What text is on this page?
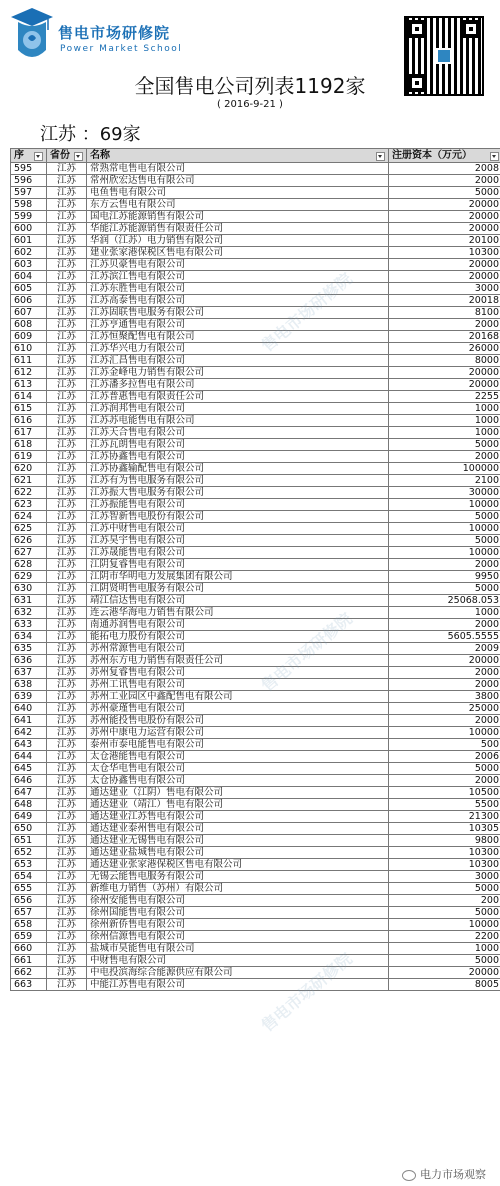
售电市场研修院
Power Market School
全国售电公司列表1192家
( 2016-9-21 )
江苏 ：69家
序	省份	名称	注册资本（万元）

595	江苏	常熟常电售电有限公司	2008
596	江苏	常州欣宏达售电有限公司	2000
597	江苏	电鱼售电有限公司	5000
598	江苏	东方云售电有限公司	20000
599	江苏	国电江苏能源销售有限公司	20000
600	江苏	华能江苏能源销售有限责任公司	20000
601	江苏	华润（江苏）电力销售有限公司	20100
602	江苏	建业张家港保税区售电有限公司	10300
603	江苏	江苏贝豪售电有限公司	20000
604	江苏	江苏滨江售电有限公司	20000
605	江苏	江苏东胜售电有限公司	3000
606	江苏	江苏高泰售电有限公司	20018
607	江苏	江苏固联售电服务有限公司	8100
608	江苏	江苏亨通售电有限公司	2000
609	江苏	江苏恒聚配售电有限公司	20168
610	江苏	江苏华兴电力有限公司	26000
611	江苏	江苏汇昌售电有限公司	8000
612	江苏	江苏金峰电力销售有限公司	20000
613	江苏	江苏潘多拉售电有限公司	20000
614	江苏	江苏普惠售电有限责任公司	2255
615	江苏	江苏润邦售电有限公司	1000
616	江苏	江苏苏电能售电有限公司	1000
617	江苏	江苏天合售电有限公司	1000
618	江苏	江苏瓦朗售电有限公司	5000
619	江苏	江苏协鑫售电有限公司	2000
620	江苏	江苏协鑫输配售电有限公司	100000
621	江苏	江苏有为售电服务有限公司	2100
622	江苏	江苏振大售电服务有限公司	30000
623	江苏	江苏振能售电有限公司	10000
624	江苏	江苏智新售电股份有限公司	5000
625	江苏	江苏中财售电有限公司	10000
626	江苏	江苏昊宇售电有限公司	5000
627	江苏	江苏晟能售电有限公司	10000
628	江苏	江阴复睿售电有限公司	2000
629	江苏	江阴市华明电力发展集团有限公司	9950
630	江苏	江阴贤明售电服务有限公司	5000
631	江苏	靖江信达售电有限公司	25068.053
632	江苏	连云港华海电力销售有限公司	1000
633	江苏	南通苏润售电有限公司	2000
634	江苏	能拓电力股份有限公司	5605.5555
635	江苏	苏州常源售电有限公司	2009
636	江苏	苏州东方电力销售有限责任公司	20000
637	江苏	苏州复睿售电有限公司	2000
638	江苏	苏州工讯售电有限公司	2000
639	江苏	苏州工业园区中鑫配售电有限公司	3800
640	江苏	苏州豪瑾售电有限公司	25000
641	江苏	苏州能投售电股份有限公司	2000
642	江苏	苏州中康电力运营有限公司	10000
643	江苏	泰州市泰电能售电有限公司	500
644	江苏	太仓港能售电有限公司	2006
645	江苏	太仓华电售电有限公司	5000
646	江苏	太仓协鑫售电有限公司	2000
647	江苏	通达建业（江阴）售电有限公司	10500
648	江苏	通达建业（靖江）售电有限公司	5500
649	江苏	通达建业江苏售电有限公司	21300
650	江苏	通达建业泰州售电有限公司	10305
651	江苏	通达建业无锡售电有限公司	9800
652	江苏	通达建业盐城售电有限公司	10300
653	江苏	通达建业张家港保税区售电有限公司	10300
654	江苏	无锡云能售电服务有限公司	3000
655	江苏	新维电力销售（苏州）有限公司	5000
656	江苏	徐州安能售电有限公司	200
657	江苏	徐州国能售电有限公司	5000
658	江苏	徐州新侨售电有限公司	10000
659	江苏	徐州信源售电有限公司	2200
660	江苏	盐城市昊能售电有限公司	1000
661	江苏	中财售电有限公司	5000
662	江苏	中电投滨海综合能源供应有限公司	20000
663	江苏	中能江苏售电有限公司	8005
售电市场研修院
售电市场研修院
售电市场研修院
电力市场观察
